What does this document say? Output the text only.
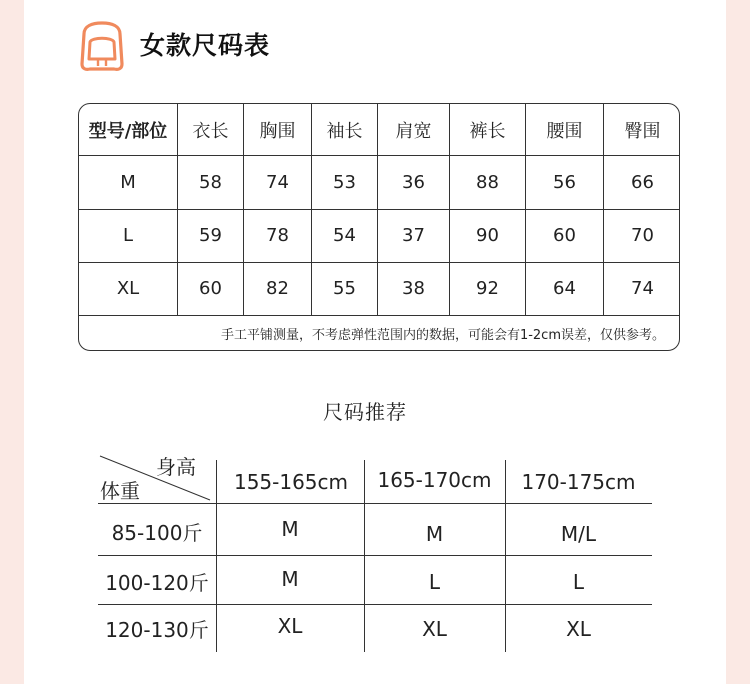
女款尺码表
型号/部位	衣长	胸围	袖长	肩宽	裤长	腰围	臀围
M	58	74	53	36	88	56	66
L	59	78	54	37	90	60	70
XL	60	82	55	38	92	64	74
手工平铺测量，不考虑弹性范围内的数据，可能会有1-2cm误差，仅供参考。
尺码推荐
身高
体重	155-165cm	165-170cm	170-175cm
85-100斤	M	M	M/L
100-120斤	M	L	L
120-130斤	XL	XL	XL
